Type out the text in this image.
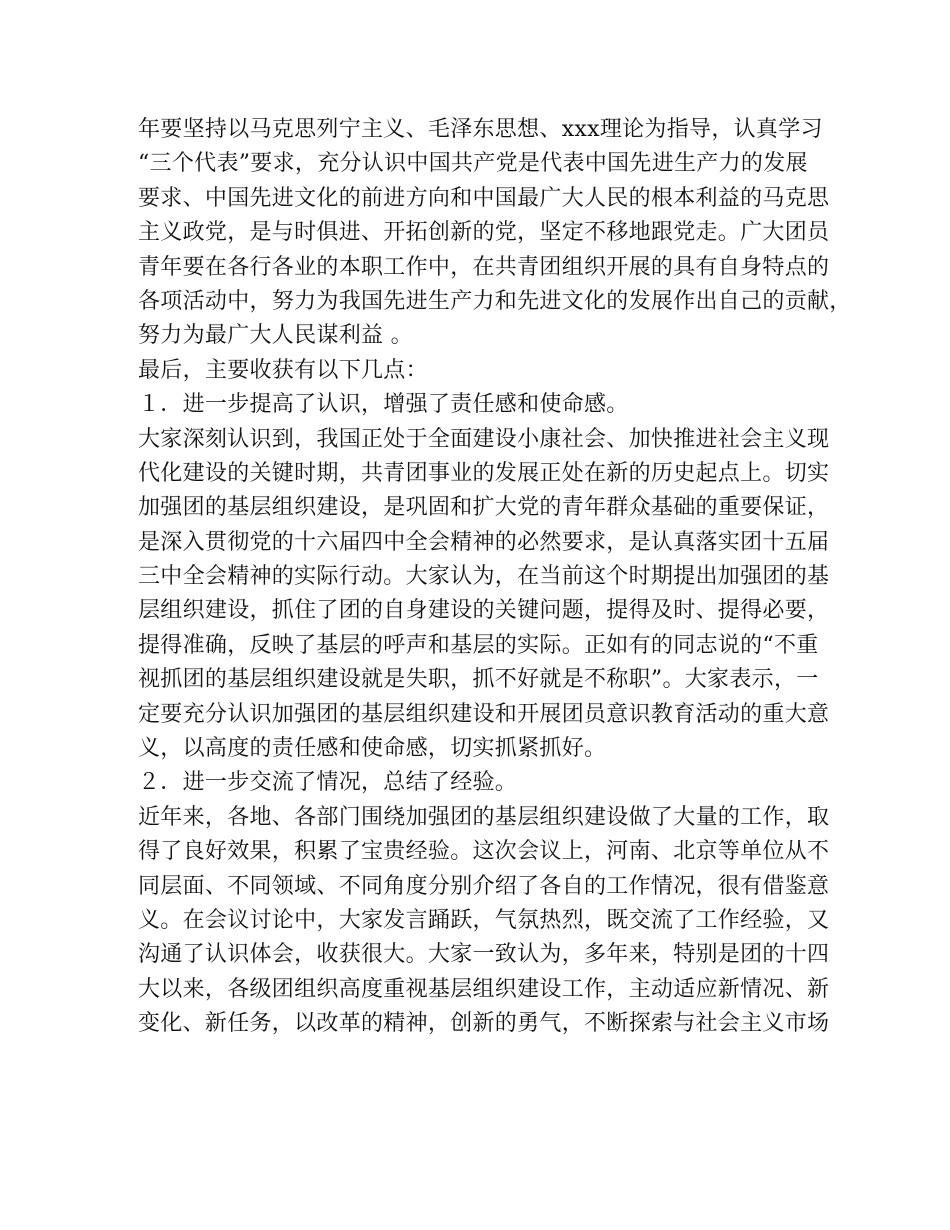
年要坚持以马克思列宁主义、毛泽东思想、xxx理论为指导，认真学习
“三个代表”要求，充分认识中国共产党是代表中国先进生产力的发展
要求、中国先进文化的前进方向和中国最广大人民的根本利益的马克思
主义政党，是与时俱进、开拓创新的党，坚定不移地跟党走。广大团员
青年要在各行各业的本职工作中，在共青团组织开展的具有自身特点的
各项活动中，努力为我国先进生产力和先进文化的发展作出自己的贡献，
努力为最广大人民谋利益 。
最后，主要收获有以下几点：
１．进一步提高了认识，增强了责任感和使命感。
大家深刻认识到，我国正处于全面建设小康社会、加快推进社会主义现
代化建设的关键时期，共青团事业的发展正处在新的历史起点上。切实
加强团的基层组织建设，是巩固和扩大党的青年群众基础的重要保证，
是深入贯彻党的十六届四中全会精神的必然要求，是认真落实团十五届
三中全会精神的实际行动。大家认为，在当前这个时期提出加强团的基
层组织建设，抓住了团的自身建设的关键问题，提得及时、提得必要，
提得准确，反映了基层的呼声和基层的实际。正如有的同志说的“不重
视抓团的基层组织建设就是失职，抓不好就是不称职”。大家表示，一
定要充分认识加强团的基层组织建设和开展团员意识教育活动的重大意
义，以高度的责任感和使命感，切实抓紧抓好。
２．进一步交流了情况，总结了经验。
近年来，各地、各部门围绕加强团的基层组织建设做了大量的工作，取
得了良好效果，积累了宝贵经验。这次会议上，河南、北京等单位从不
同层面、不同领域、不同角度分别介绍了各自的工作情况，很有借鉴意
义。在会议讨论中，大家发言踊跃，气氛热烈，既交流了工作经验，又
沟通了认识体会，收获很大。大家一致认为，多年来，特别是团的十四
大以来，各级团组织高度重视基层组织建设工作，主动适应新情况、新
变化、新任务，以改革的精神，创新的勇气，不断探索与社会主义市场
